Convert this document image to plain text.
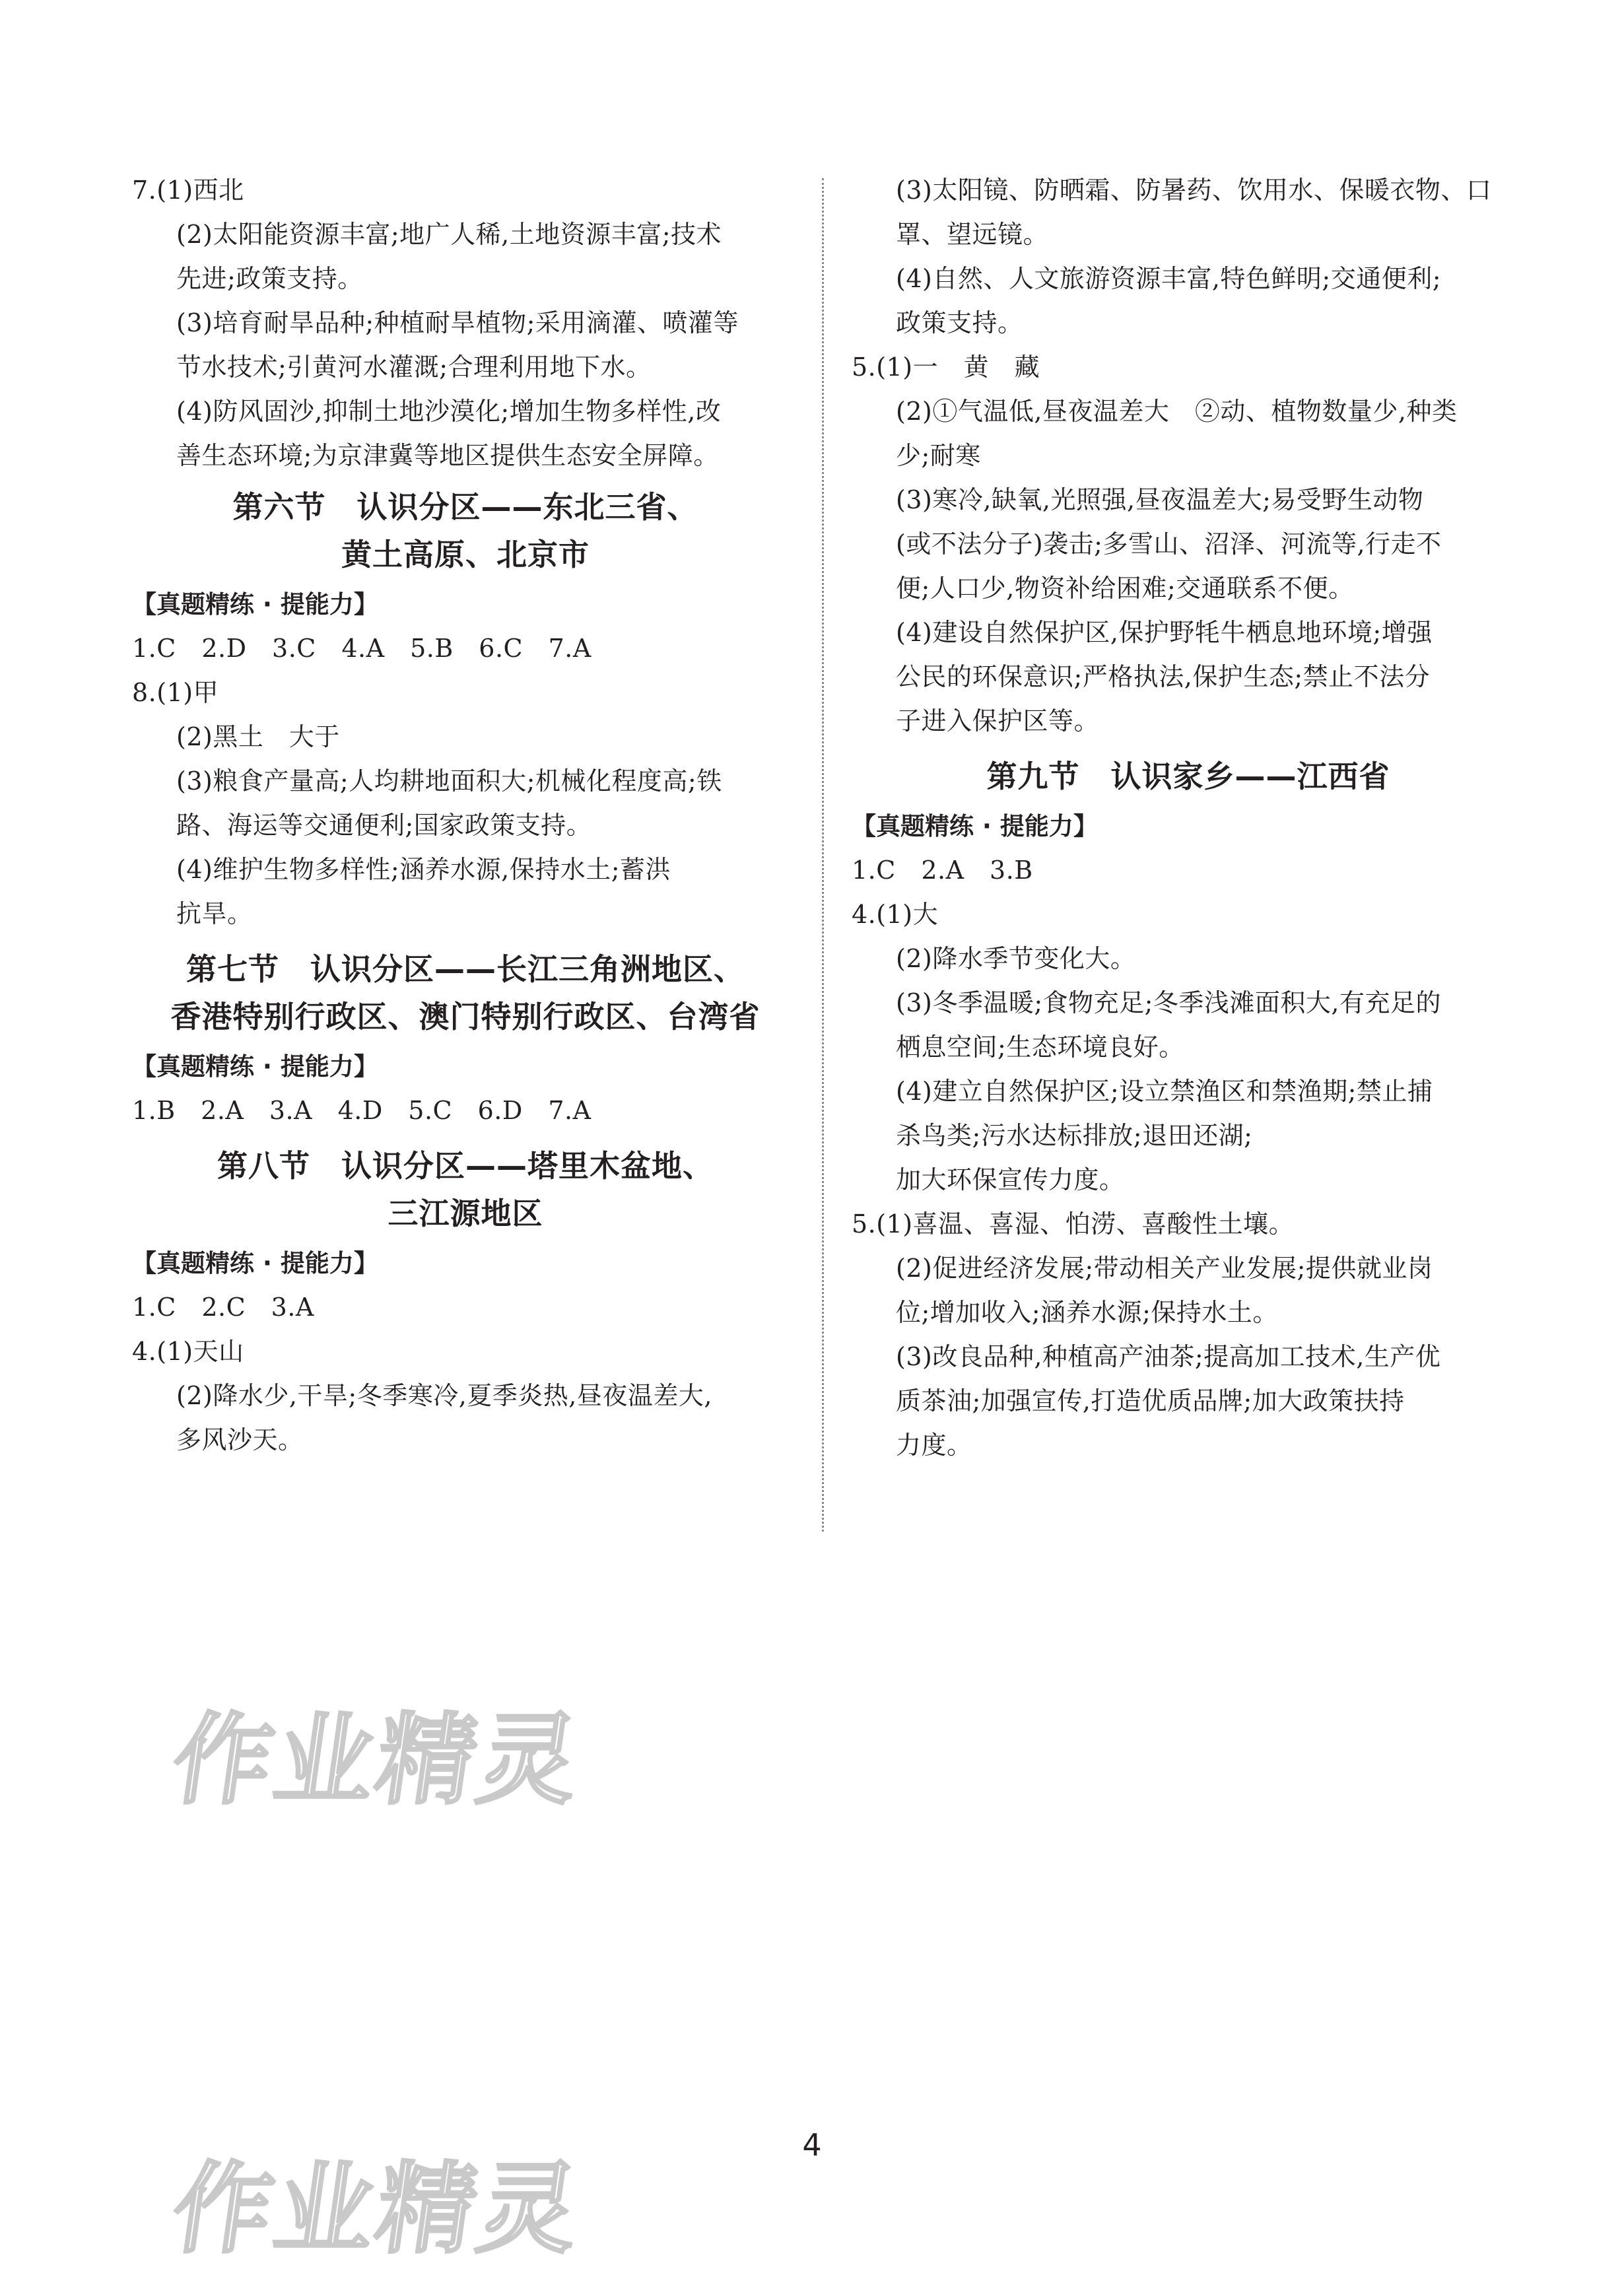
7.(1)西北
(2)太阳能资源丰富;地广人稀,土地资源丰富;技术
先进;政策支持。
(3)培育耐旱品种;种植耐旱植物;采用滴灌、喷灌等
节水技术;引黄河水灌溉;合理利用地下水。
(4)防风固沙,抑制土地沙漠化;增加生物多样性,改
善生态环境;为京津冀等地区提供生态安全屏障。
第六节　认识分区——东北三省、
黄土高原、北京市
【真题精练 · 提能力】
1.C　2.D　3.C　4.A　5.B　6.C　7.A
8.(1)甲
(2)黑土　大于
(3)粮食产量高;人均耕地面积大;机械化程度高;铁
路、海运等交通便利;国家政策支持。
(4)维护生物多样性;涵养水源,保持水土;蓄洪
抗旱。
第七节　认识分区——长江三角洲地区、
香港特别行政区、澳门特别行政区、台湾省
【真题精练 · 提能力】
1.B　2.A　3.A　4.D　5.C　6.D　7.A
第八节　认识分区——塔里木盆地、
三江源地区
【真题精练 · 提能力】
1.C　2.C　3.A
4.(1)天山
(2)降水少,干旱;冬季寒冷,夏季炎热,昼夜温差大,
多风沙天。
(3)太阳镜、防晒霜、防暑药、饮用水、保暖衣物、口
罩、望远镜。
(4)自然、人文旅游资源丰富,特色鲜明;交通便利;
政策支持。
5.(1)一　黄　藏
(2)①气温低,昼夜温差大　②动、植物数量少,种类
少;耐寒
(3)寒冷,缺氧,光照强,昼夜温差大;易受野生动物
(或不法分子)袭击;多雪山、沼泽、河流等,行走不
便;人口少,物资补给困难;交通联系不便。
(4)建设自然保护区,保护野牦牛栖息地环境;增强
公民的环保意识;严格执法,保护生态;禁止不法分
子进入保护区等。
第九节　认识家乡——江西省
【真题精练 · 提能力】
1.C　2.A　3.B
4.(1)大
(2)降水季节变化大。
(3)冬季温暖;食物充足;冬季浅滩面积大,有充足的
栖息空间;生态环境良好。
(4)建立自然保护区;设立禁渔区和禁渔期;禁止捕
杀鸟类;污水达标排放;退田还湖;
加大环保宣传力度。
5.(1)喜温、喜湿、怕涝、喜酸性土壤。
(2)促进经济发展;带动相关产业发展;提供就业岗
位;增加收入;涵养水源;保持水土。
(3)改良品种,种植高产油茶;提高加工技术,生产优
质茶油;加强宣传,打造优质品牌;加大政策扶持
力度。
作业精灵
作业精灵
4
